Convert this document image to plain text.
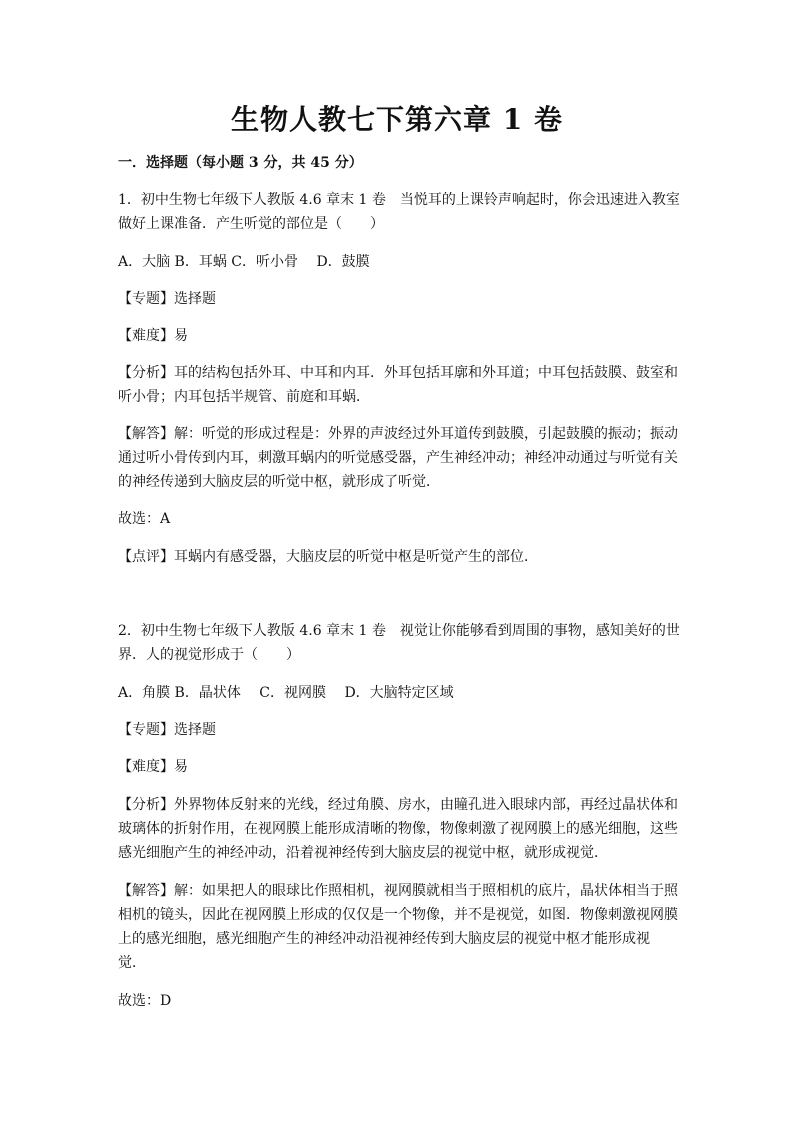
生物人教七下第六章 1 卷
一．选择题（每小题 3 分，共 45 分）
1．初中生物七年级下人教版 4.6 章末 1 卷　当悦耳的上课铃声响起时，你会迅速进入教室
做好上课准备．产生听觉的部位是（　　）
A．大脑 B．耳蜗 C．听小骨　 D．鼓膜
【专题】选择题
【难度】易
【分析】耳的结构包括外耳、中耳和内耳．外耳包括耳廓和外耳道；中耳包括鼓膜、鼓室和
听小骨；内耳包括半规管、前庭和耳蜗．
【解答】解：听觉的形成过程是：外界的声波经过外耳道传到鼓膜，引起鼓膜的振动；振动
通过听小骨传到内耳，刺激耳蜗内的听觉感受器，产生神经冲动；神经冲动通过与听觉有关
的神经传递到大脑皮层的听觉中枢，就形成了听觉．
故选：A
【点评】耳蜗内有感受器，大脑皮层的听觉中枢是听觉产生的部位．
2．初中生物七年级下人教版 4.6 章末 1 卷　视觉让你能够看到周围的事物，感知美好的世
界．人的视觉形成于（　　）
A．角膜 B．晶状体　 C．视网膜　 D．大脑特定区域
【专题】选择题
【难度】易
【分析】外界物体反射来的光线，经过角膜、房水，由瞳孔进入眼球内部，再经过晶状体和
玻璃体的折射作用，在视网膜上能形成清晰的物像，物像刺激了视网膜上的感光细胞，这些
感光细胞产生的神经冲动，沿着视神经传到大脑皮层的视觉中枢，就形成视觉．
【解答】解：如果把人的眼球比作照相机，视网膜就相当于照相机的底片，晶状体相当于照
相机的镜头，因此在视网膜上形成的仅仅是一个物像，并不是视觉，如图．物像刺激视网膜
上的感光细胞，感光细胞产生的神经冲动沿视神经传到大脑皮层的视觉中枢才能形成视
觉．
故选：D
